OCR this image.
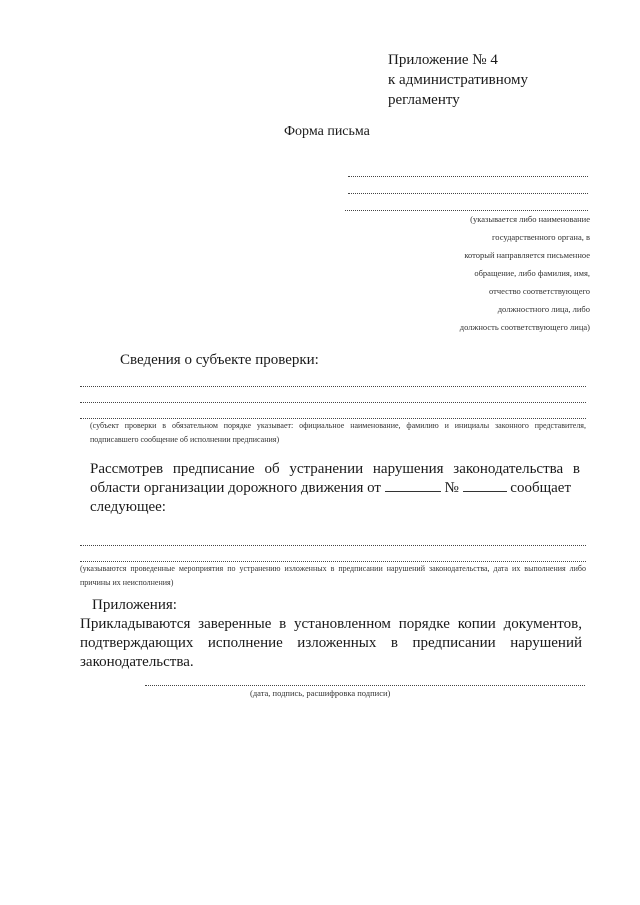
Приложение № 4
к административному
регламенту
Форма письма
(указывается либо наименование
государственного органа, в
который направляется письменное
обращение, либо фамилия, имя,
отчество соответствующего
должностного лица, либо
должность соответствующего лица)
Сведения о субъекте проверки:
(субъект проверки в обязательном порядке указывает: официальное наименование, фамилию и инициалы законного представителя, подписавшего сообщение об исполнении предписания)
Рассмотрев предписание об устранении нарушения законодательства в
области организации дорожного движения от	№	сообщает
следующее:
(указываются проведенные мероприятия по устранению изложенных в предписании нарушений законодательства, дата их выполнения либо причины их неисполнения)
Приложения:
Прикладываются заверенные в установленном порядке копии документов,
подтверждающих исполнение изложенных в предписании нарушений
законодательства.
(дата, подпись, расшифровка подписи)
